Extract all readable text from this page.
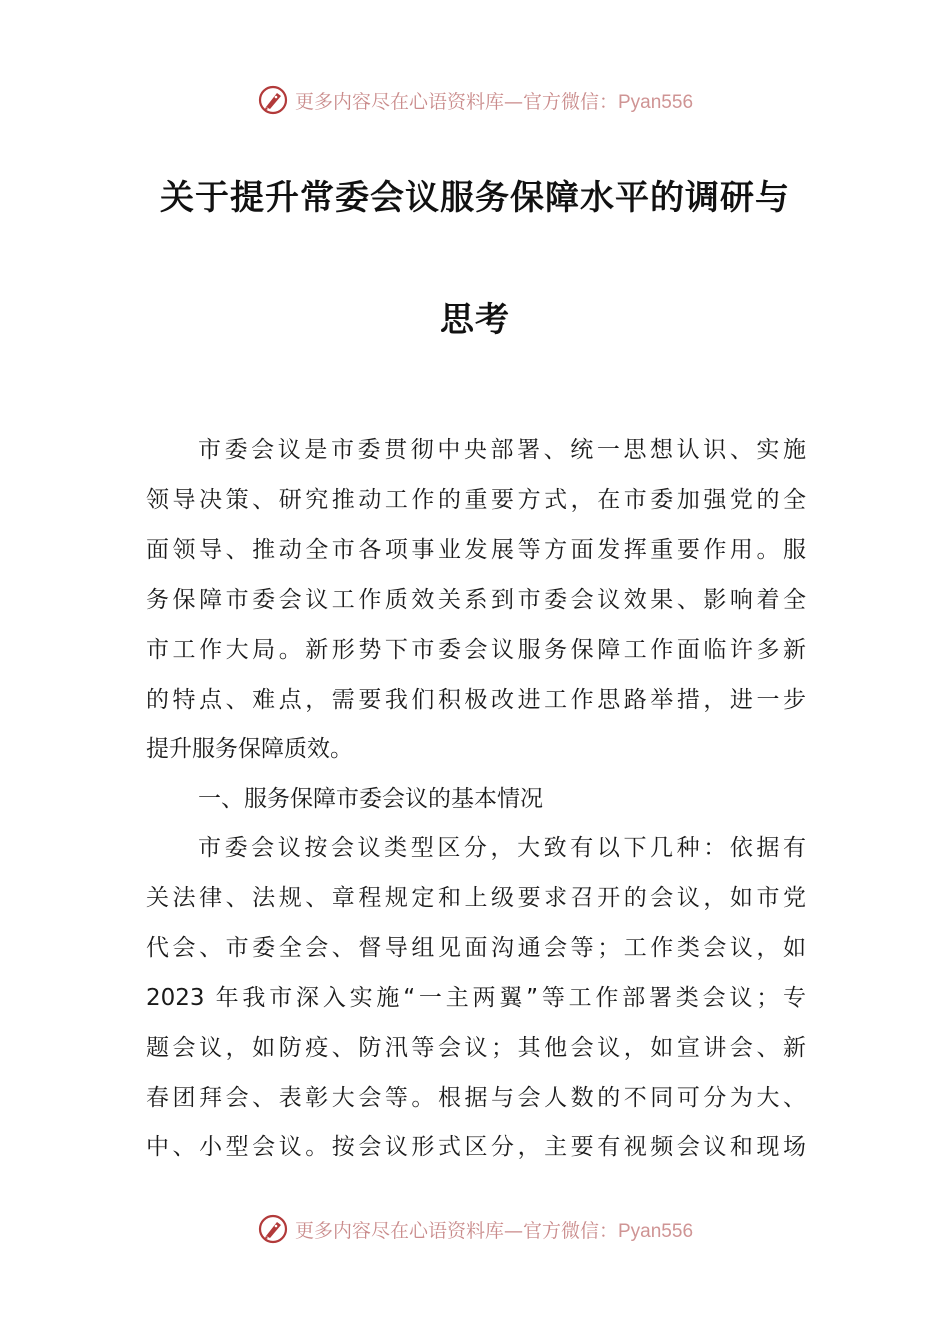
更多内容尽在心语资料库—官方微信：Pyan556
关于提升常委会议服务保障水平的调研与
思考
市委会议是市委贯彻中央部署、统一思想认识、实施
领导决策、研究推动工作的重要方式，在市委加强党的全
面领导、推动全市各项事业发展等方面发挥重要作用。服
务保障市委会议工作质效关系到市委会议效果、影响着全
市工作大局。新形势下市委会议服务保障工作面临许多新
的特点、难点，需要我们积极改进工作思路举措，进一步
提升服务保障质效。
一、服务保障市委会议的基本情况
市委会议按会议类型区分，大致有以下几种：依据有
关法律、法规、章程规定和上级要求召开的会议，如市党
代会、市委全会、督导组见面沟通会等；工作类会议，如
2023 年我市深入实施“一主两翼”等工作部署类会议；专
题会议，如防疫、防汛等会议；其他会议，如宣讲会、新
春团拜会、表彰大会等。根据与会人数的不同可分为大、
中、小型会议。按会议形式区分，主要有视频会议和现场
更多内容尽在心语资料库—官方微信：Pyan556
